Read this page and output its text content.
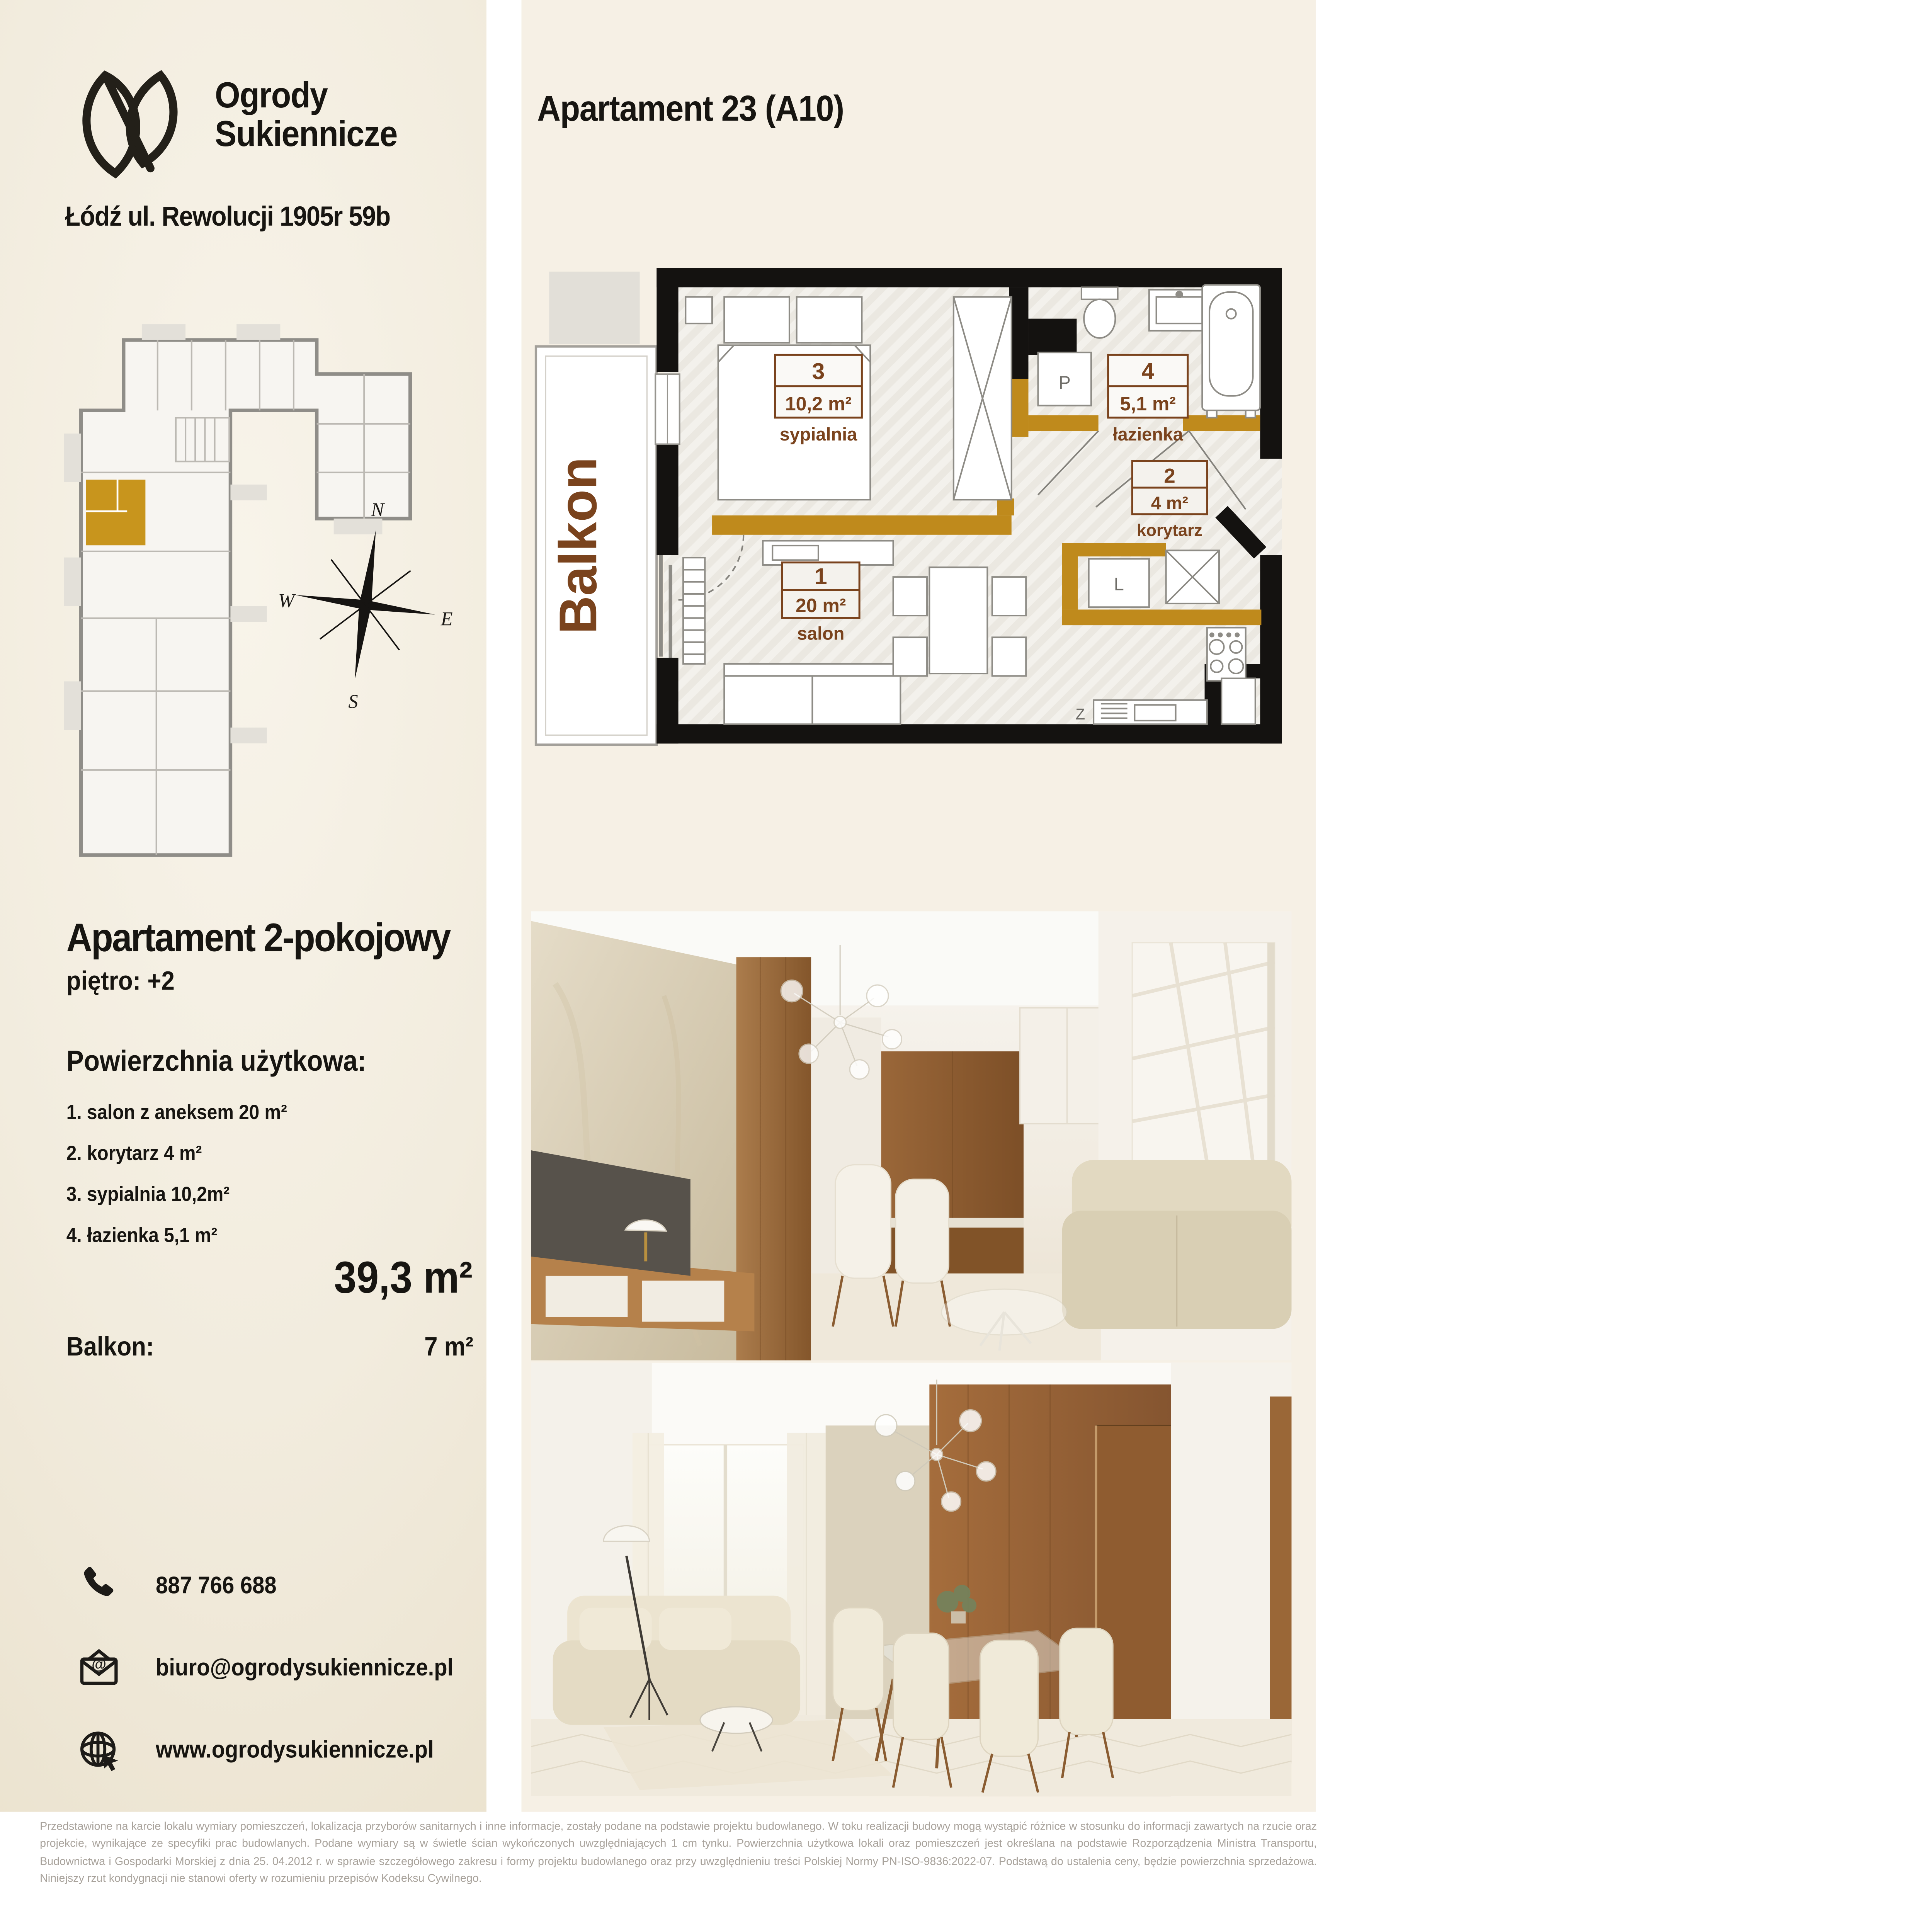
Ogrody
Sukiennicze
Łódź ul. Rewolucji 1905r 59b
N
S
W
E
Apartament 2-pokojowy
piętro: +2
Powierzchnia użytkowa:
1. salon z aneksem 20 m²
2. korytarz 4 m²
3. sypialnia 10,2m²
4. łazienka 5,1 m²
39,3 m²
Balkon:	7 m²
887 766 688
@	biuro@ogrodysukiennicze.pl
www.ogrodysukiennicze.pl
Apartament 23 (A10)
Balkon
P
L
Z
3
10,2 m²
sypialnia
4
5,1 m²
łazienka
2
4 m²
korytarz
1
20 m²
salon
Przedstawione na karcie lokalu wymiary pomieszczeń, lokalizacja przyborów sanitarnych i inne informacje, zostały podane na podstawie projektu budowlanego. W toku realizacji budowy mogą wystąpić różnice w stosunku do informacji zawartych na rzucie oraz projekcie, wynikające ze specyfiki prac budowlanych. Podane wymiary są w świetle ścian wykończonych uwzględniających 1 cm tynku. Powierzchnia użytkowa lokali oraz pomieszczeń jest określana na podstawie Rozporządzenia Ministra Transportu, Budownictwa i Gospodarki Morskiej z dnia 25. 04.2012 r. w sprawie szczegółowego zakresu i formy projektu budowlanego oraz przy uwzględnieniu treści Polskiej Normy PN-ISO-9836:2022-07. Podstawą do ustalenia ceny, będzie powierzchnia sprzedażowa. Niniejszy rzut kondygnacji nie stanowi oferty w rozumieniu przepisów Kodeksu Cywilnego.
